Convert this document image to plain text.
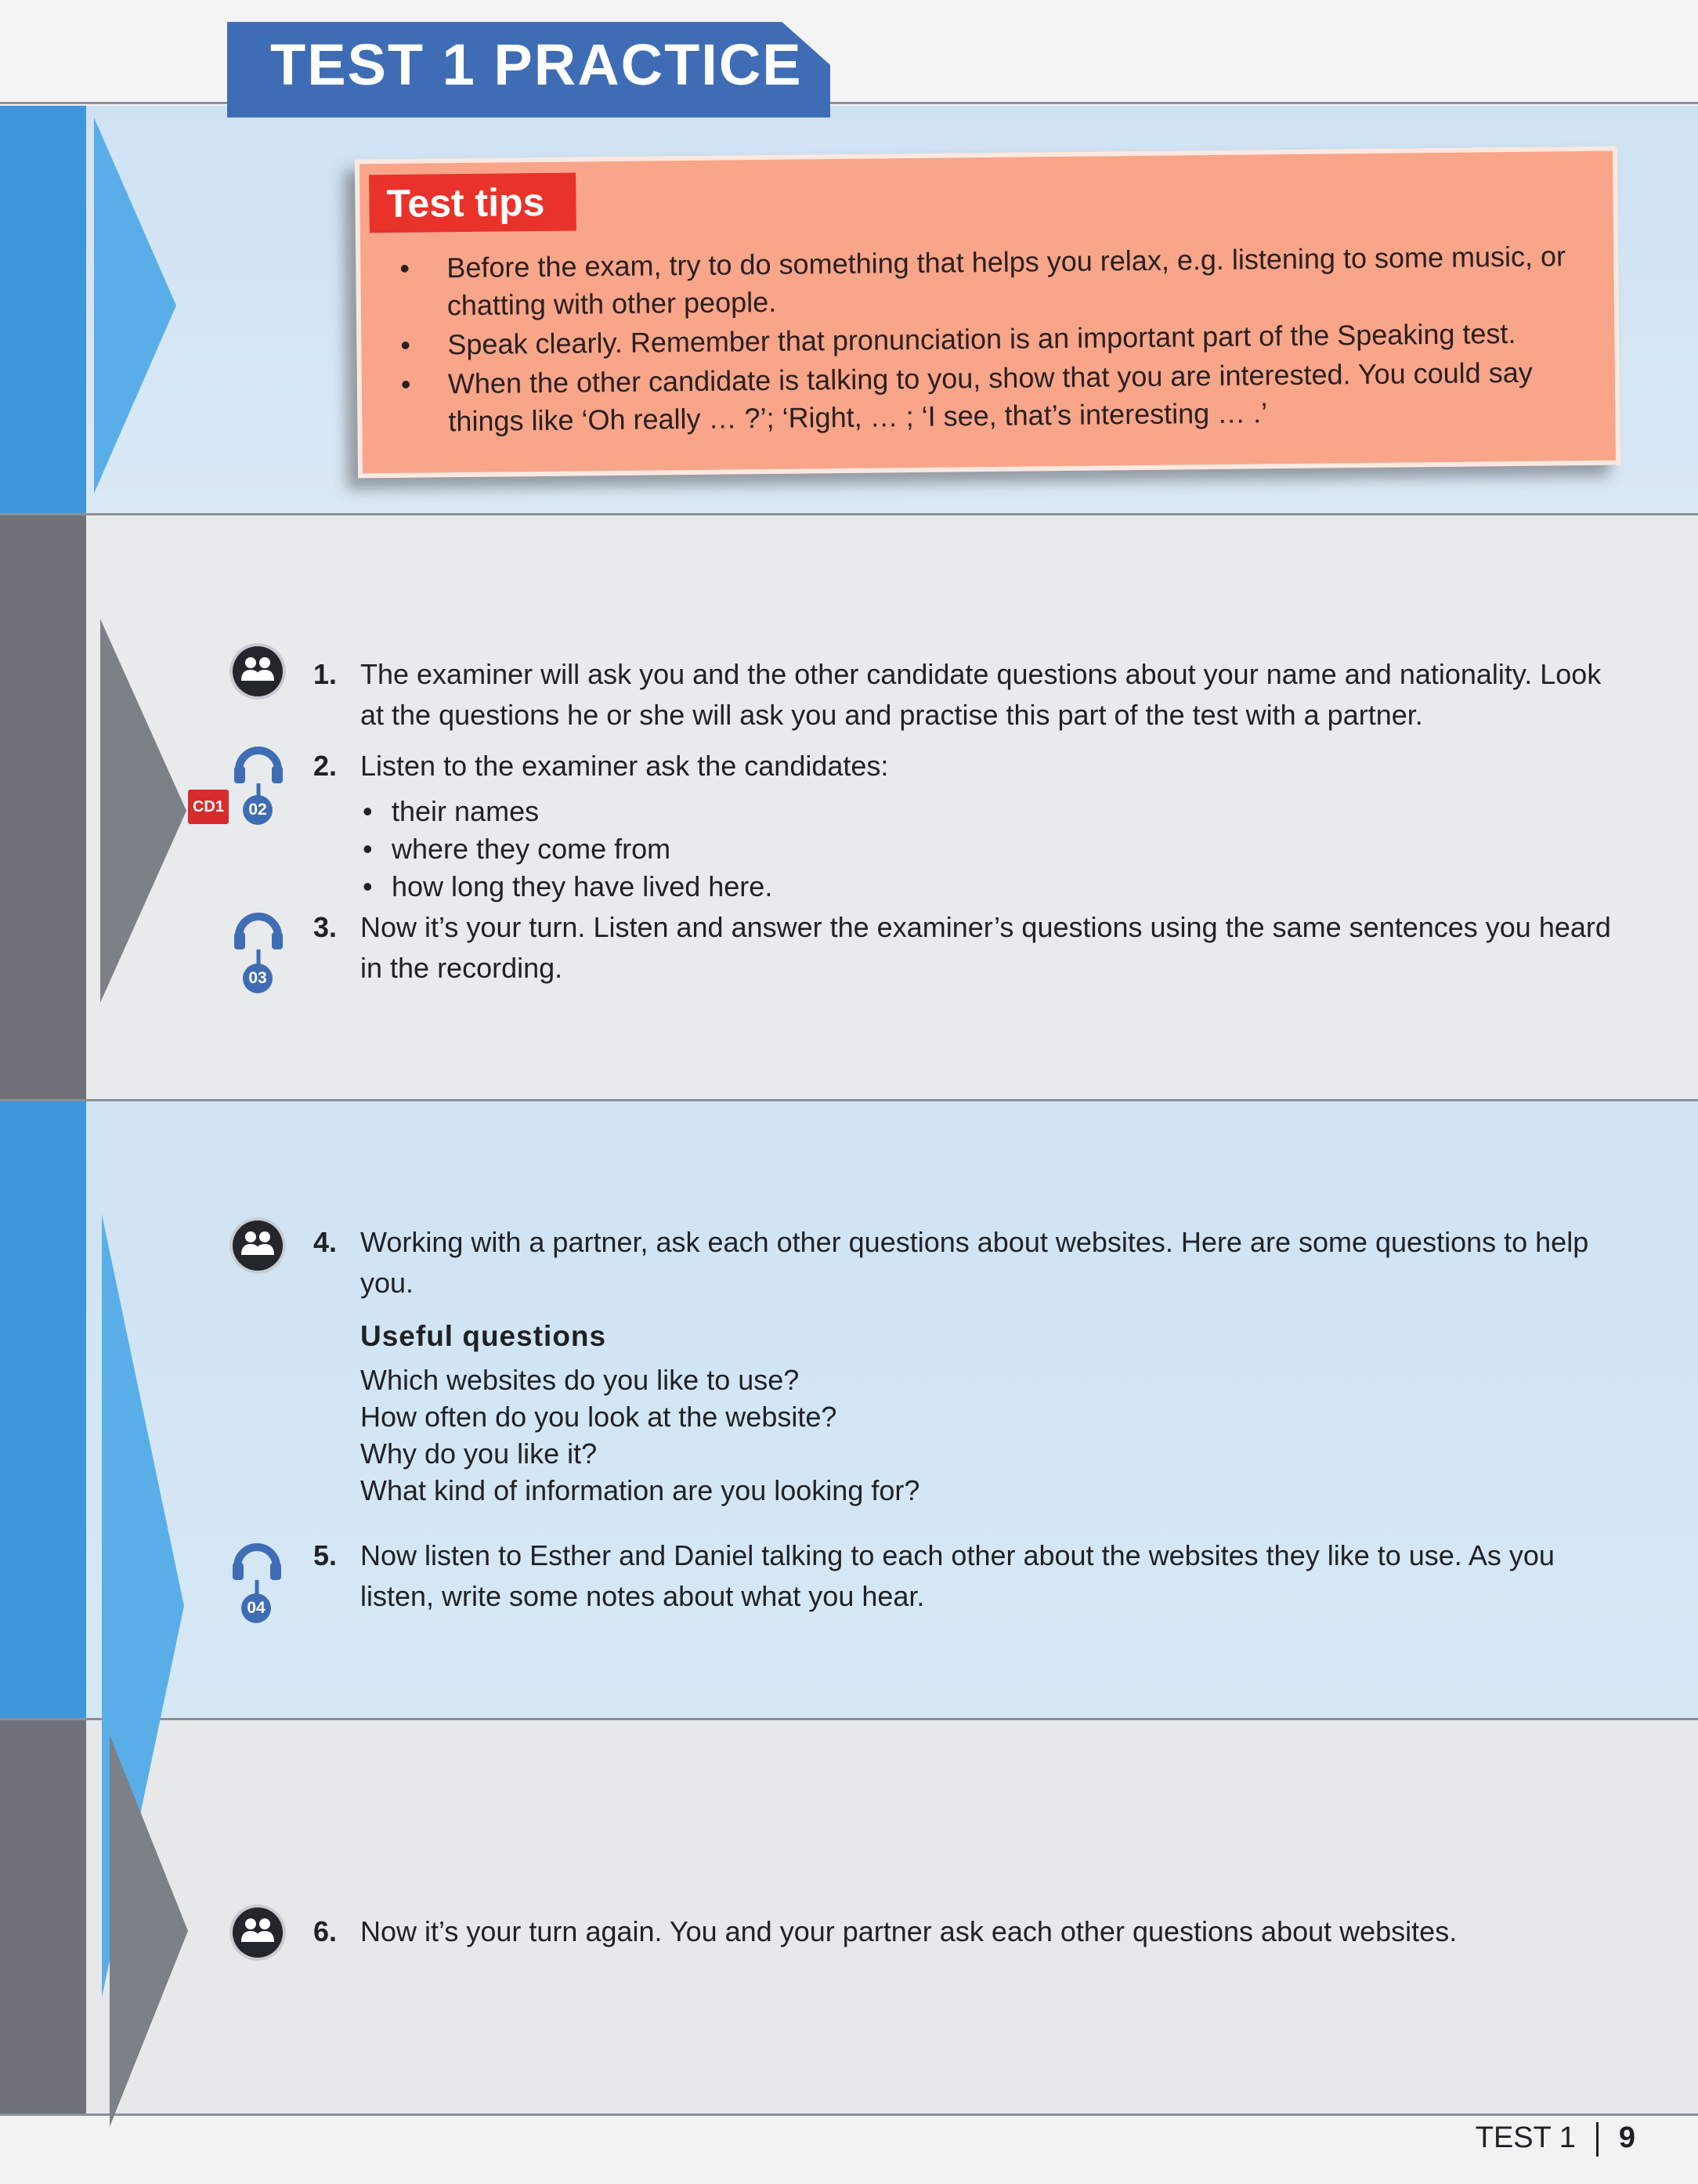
TEST 1 PRACTICE
Test tips
• Before the exam, try to do something that helps you relax, e.g. listening to some music, or chatting with other people.
• Speak clearly. Remember that pronunciation is an important part of the Speaking test.
• When the other candidate is talking to you, show that you are interested. You could say things like ‘Oh really … ?’; ‘Right, … ; ‘I see, that’s interesting … .’
1. The examiner will ask you and the other candidate questions about your name and nationality. Look at the questions he or she will ask you and practise this part of the test with a partner.
CD1	02
2. Listen to the examiner ask the candidates:
• their names
• where they come from
• how long they have lived here.
03
3. Now it’s your turn. Listen and answer the examiner’s questions using the same sentences you heard in the recording.
4. Working with a partner, ask each other questions about websites. Here are some questions to help you.
Useful questions
Which websites do you like to use?
How often do you look at the website?
Why do you like it?
What kind of information are you looking for?
04
5. Now listen to Esther and Daniel talking to each other about the websites they like to use. As you listen, write some notes about what you hear.
6. Now it’s your turn again. You and your partner ask each other questions about websites.
TEST 1 9
